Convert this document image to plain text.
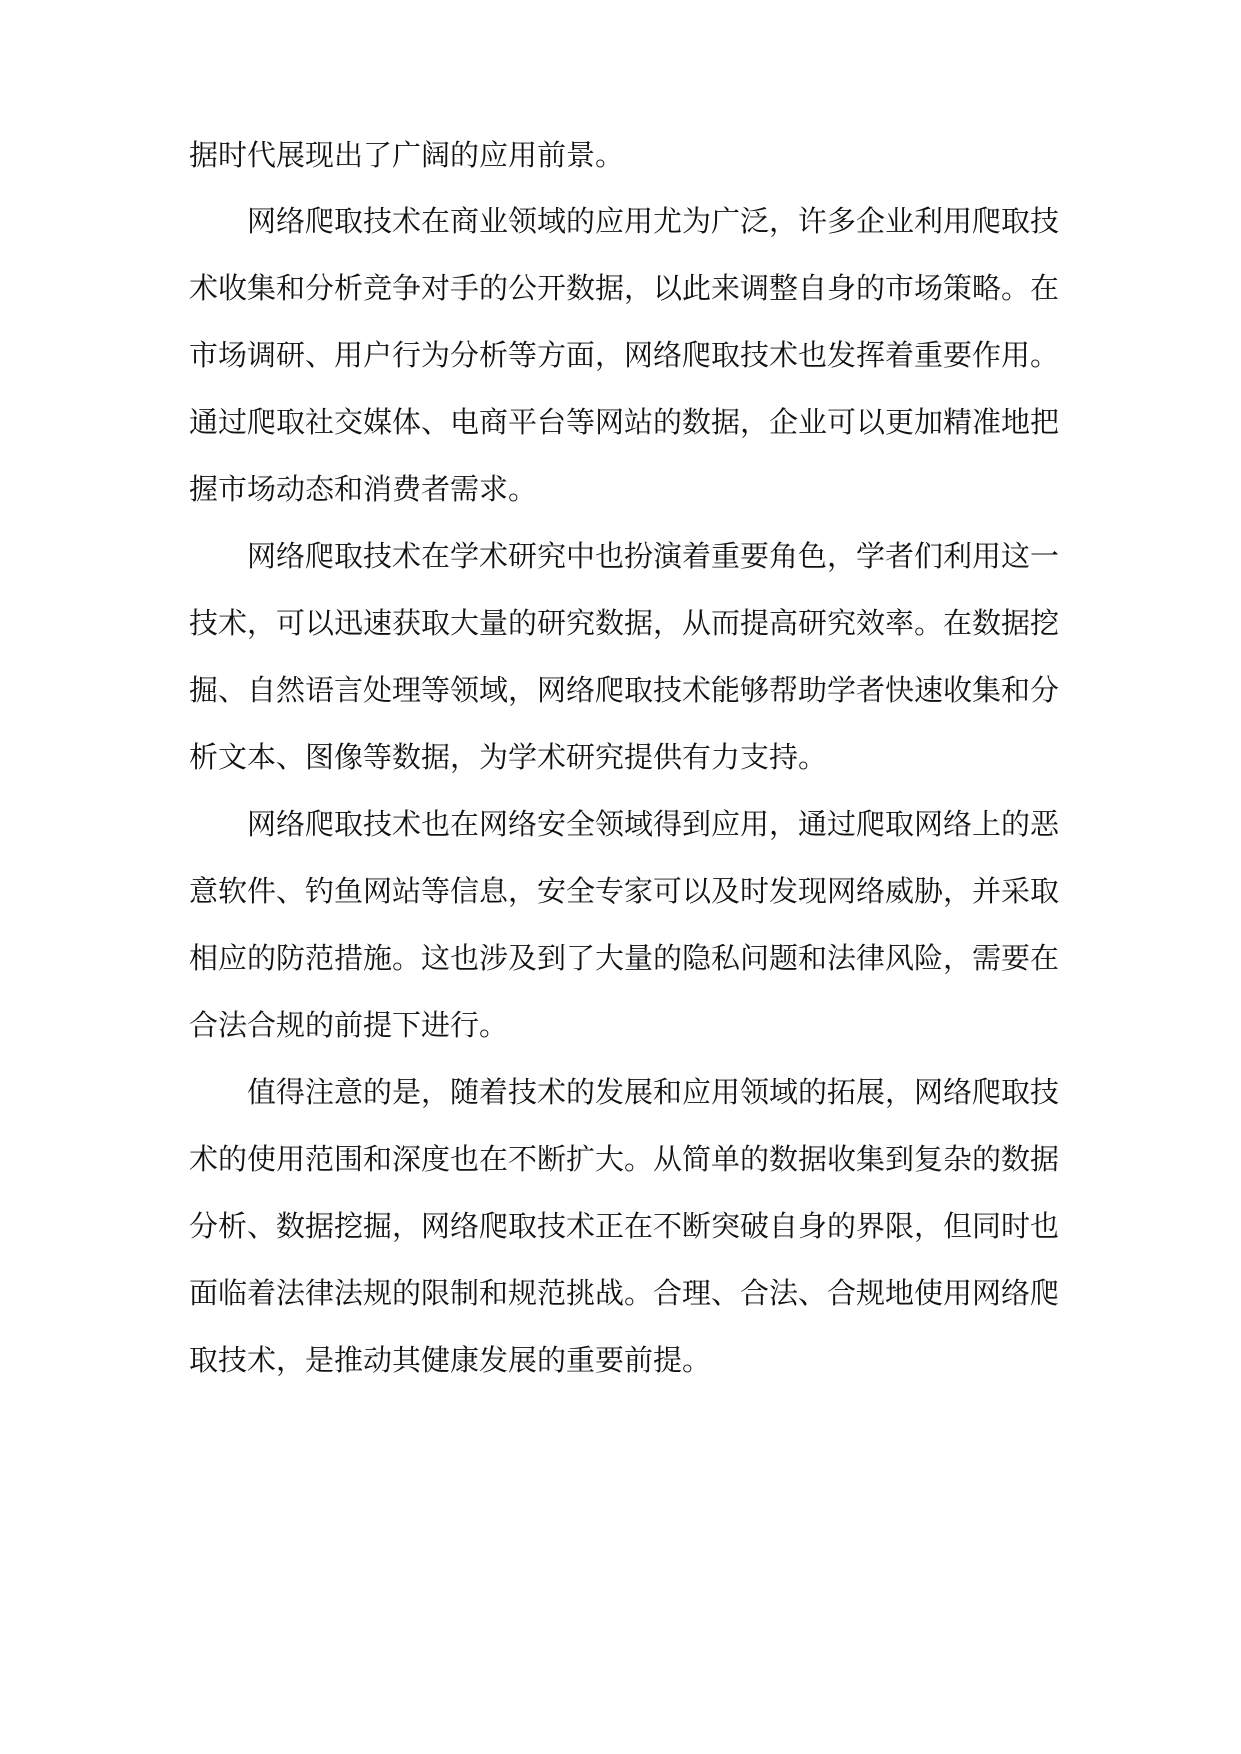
据时代展现出了广阔的应用前景。
网络爬取技术在商业领域的应用尤为广泛，许多企业利用爬取技
术收集和分析竞争对手的公开数据，以此来调整自身的市场策略。在
市场调研、用户行为分析等方面，网络爬取技术也发挥着重要作用。
通过爬取社交媒体、电商平台等网站的数据，企业可以更加精准地把
握市场动态和消费者需求。
网络爬取技术在学术研究中也扮演着重要角色，学者们利用这一
技术，可以迅速获取大量的研究数据，从而提高研究效率。在数据挖
掘、自然语言处理等领域，网络爬取技术能够帮助学者快速收集和分
析文本、图像等数据，为学术研究提供有力支持。
网络爬取技术也在网络安全领域得到应用，通过爬取网络上的恶
意软件、钓鱼网站等信息，安全专家可以及时发现网络威胁，并采取
相应的防范措施。这也涉及到了大量的隐私问题和法律风险，需要在
合法合规的前提下进行。
值得注意的是，随着技术的发展和应用领域的拓展，网络爬取技
术的使用范围和深度也在不断扩大。从简单的数据收集到复杂的数据
分析、数据挖掘，网络爬取技术正在不断突破自身的界限，但同时也
面临着法律法规的限制和规范挑战。合理、合法、合规地使用网络爬
取技术，是推动其健康发展的重要前提。
